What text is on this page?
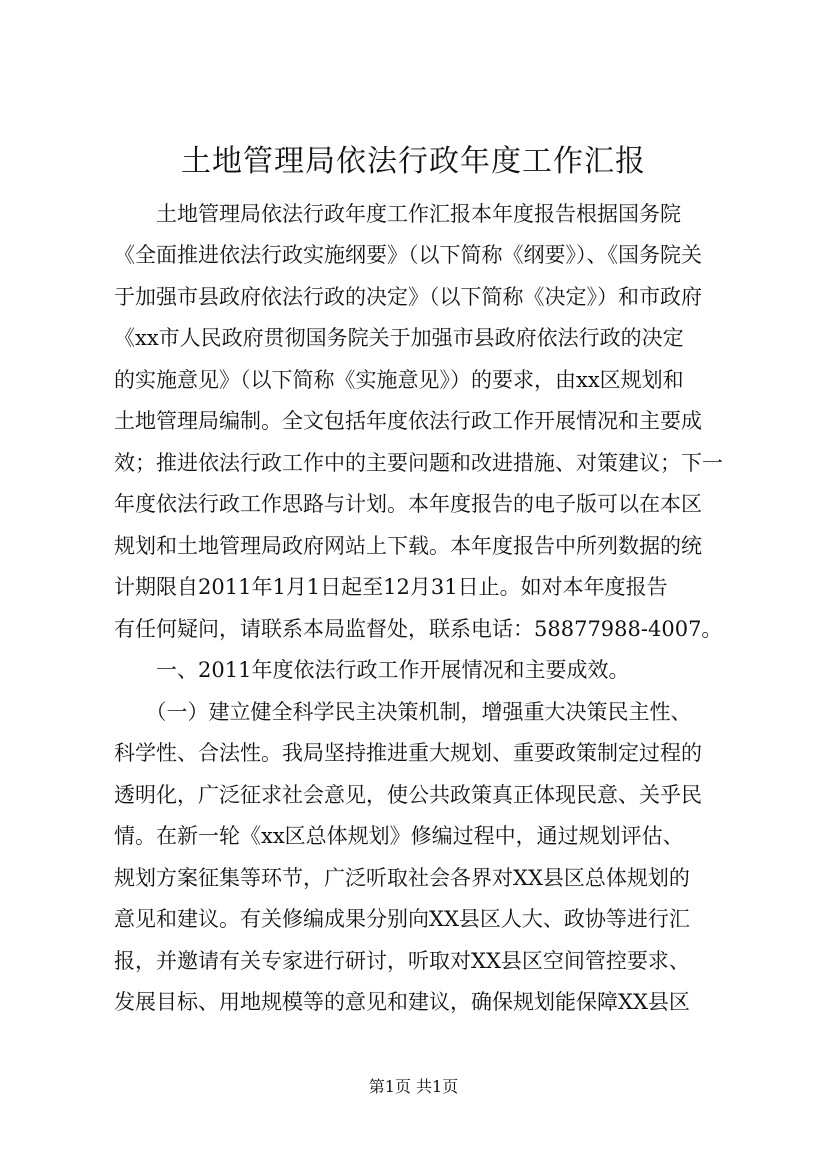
土地管理局依法行政年度工作汇报
　　土地管理局依法行政年度工作汇报本年度报告根据国务院
《全面推进依法行政实施纲要》（以下简称《纲要》）、《国务院关
于加强市县政府依法行政的决定》（以下简称《决定》）和市政府
《xx市人民政府贯彻国务院关于加强市县政府依法行政的决定
的实施意见》（以下简称《实施意见》）的要求，由xx区规划和
土地管理局编制。全文包括年度依法行政工作开展情况和主要成
效；推进依法行政工作中的主要问题和改进措施、对策建议；下一
年度依法行政工作思路与计划。本年度报告的电子版可以在本区
规划和土地管理局政府网站上下载。本年度报告中所列数据的统
计期限自2011年1月1日起至12月31日止。如对本年度报告
有任何疑问，请联系本局监督处，联系电话：58877988-4007。
　　一、2011年度依法行政工作开展情况和主要成效。
　　（一）建立健全科学民主决策机制，增强重大决策民主性、
科学性、合法性。我局坚持推进重大规划、重要政策制定过程的
透明化，广泛征求社会意见，使公共政策真正体现民意、关乎民
情。在新一轮《xx区总体规划》修编过程中，通过规划评估、
规划方案征集等环节，广泛听取社会各界对XX县区总体规划的
意见和建议。有关修编成果分别向XX县区人大、政协等进行汇
报，并邀请有关专家进行研讨，听取对XX县区空间管控要求、
发展目标、用地规模等的意见和建议，确保规划能保障XX县区
第1页 共1页
